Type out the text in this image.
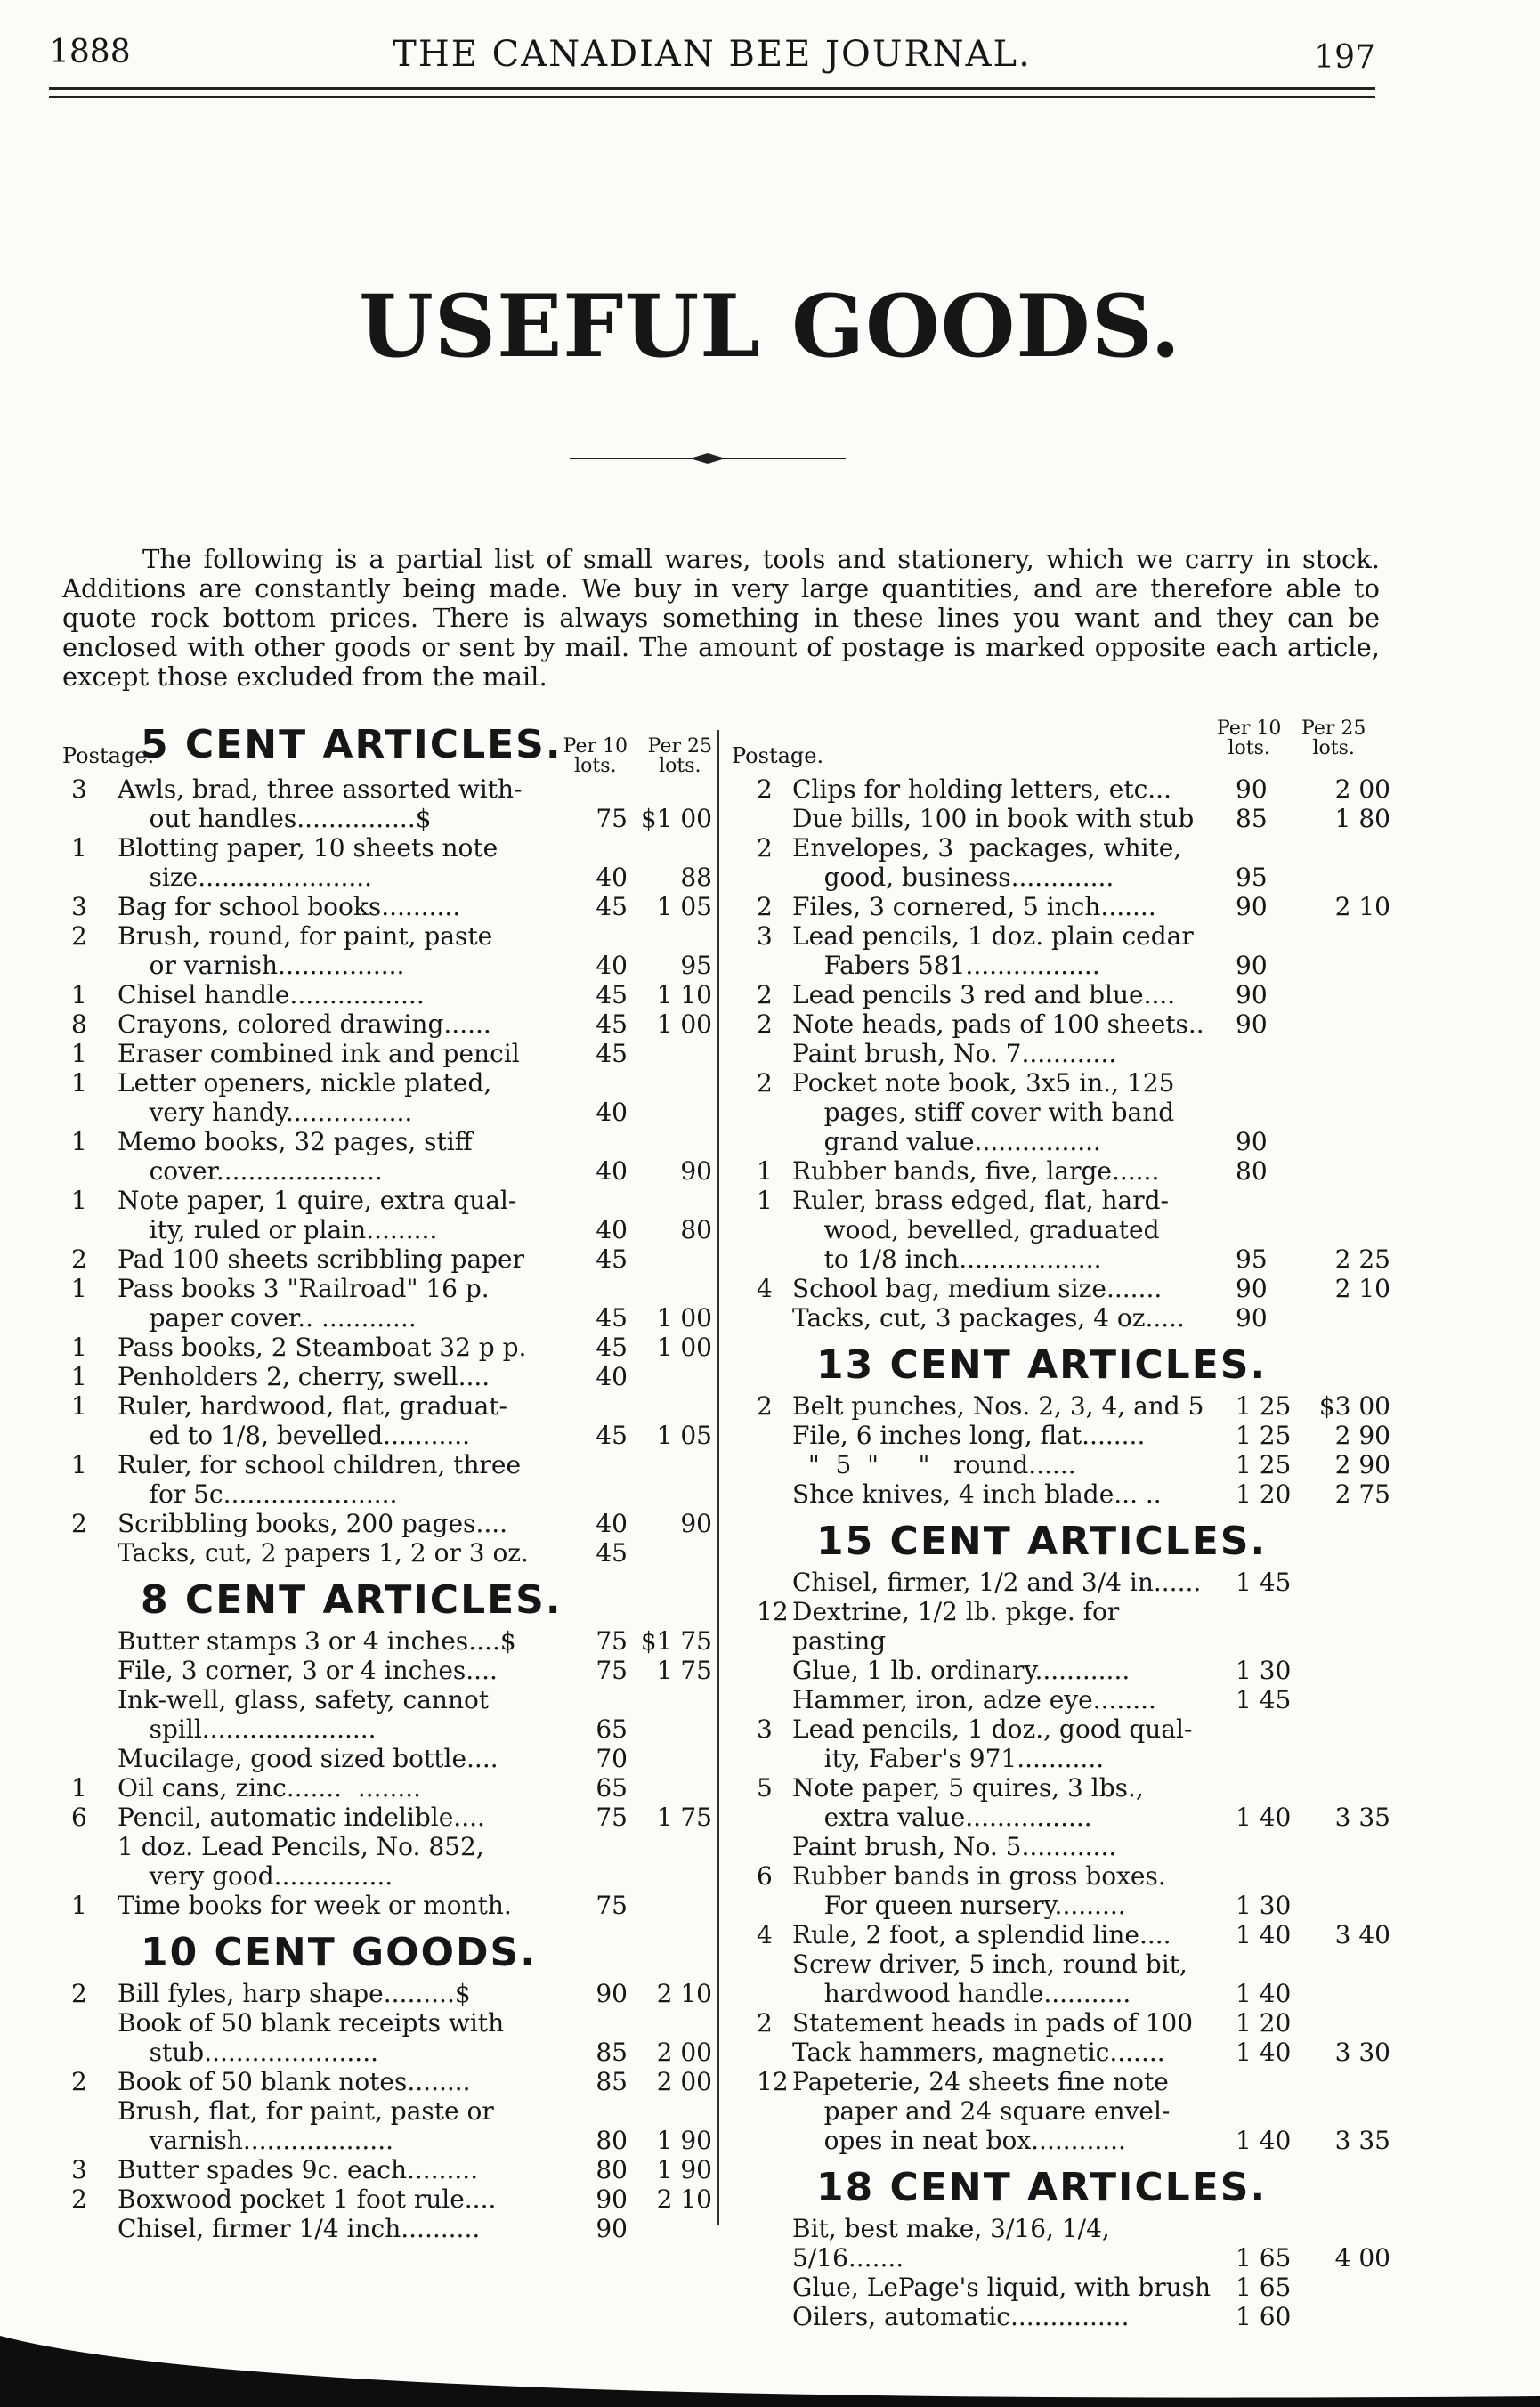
1888	THE CANADIAN BEE JOURNAL.	197
USEFUL GOODS.

The following is a partial list of small wares, tools and stationery, which we carry in stock. Additions are constantly being made. We buy in very large quantities, and are therefore able to quote rock bottom prices. There is always something in these lines you want and they can be enclosed with other goods or sent by mail. The amount of postage is marked opposite each article, except those excluded from the mail.

Postage.
5 CENT ARTICLES. Per 10
lots.
Per 25
lots.
3	Awls, brad, three assorted with-
out handles...............$	75 $1 00
1	Blotting paper, 10 sheets note
size......................	40	88
3	Bag for school books..........	45	1 05
2	Brush, round, for paint, paste
or varnish................	40	95
1	Chisel handle.................	45	1 10
8	Crayons, colored drawing......	45	1 00
1	Eraser combined ink and pencil	45
1	Letter openers, nickle plated,
very handy................	40
1	Memo books, 32 pages, stiff
cover.....................	40	90
1	Note paper, 1 quire, extra qual-
ity, ruled or plain.........	40	80
2	Pad 100 sheets scribbling paper	45
1	Pass books 3 "Railroad" 16 p.
paper cover.. ............	45	1 00
1	Pass books, 2 Steamboat 32 p p.	45	1 00
1	Penholders 2, cherry, swell....	40
1	Ruler, hardwood, flat, graduat-
ed to 1/8, bevelled...........	45	1 05
1	Ruler, for school children, three
for 5c......................
2	Scribbling books, 200 pages....	40	90
Tacks, cut, 2 papers 1, 2 or 3 oz.	45
8 CENT ARTICLES.
Butter stamps 3 or 4 inches....$	75 $1 75
File, 3 corner, 3 or 4 inches....	75	1 75
Ink-well, glass, safety, cannot
spill......................	65
Mucilage, good sized bottle....	70
1	Oil cans, zinc.......  ........	65
6	Pencil, automatic indelible....	75	1 75
1 doz. Lead Pencils, No. 852,
very good...............
1	Time books for week or month.	75
10 CENT GOODS.
2	Bill fyles, harp shape.........$	90	2 10
Book of 50 blank receipts with
stub......................	85	2 00
2	Book of 50 blank notes........	85	2 00
Brush, flat, for paint, paste or
varnish...................	80	1 90
3	Butter spades 9c. each.........	80	1 90
2	Boxwood pocket 1 foot rule....	90	2 10
Chisel, firmer 1/4 inch..........	90
Postage.
Per 10
lots.
Per 25
lots.
2 Clips for holding letters, etc...	90	2 00
Due bills, 100 in book with stub	85	1 80
2 Envelopes, 3  packages, white,
good, business.............	95
2 Files, 3 cornered, 5 inch.......	90	2 10
3 Lead pencils, 1 doz. plain cedar
Fabers 581.................	90
2 Lead pencils 3 red and blue....	90
2 Note heads, pads of 100 sheets..	90
Paint brush, No. 7............
2 Pocket note book, 3x5 in., 125
pages, stiff cover with band
grand value................	90
1 Rubber bands, five, large......	80
1 Ruler, brass edged, flat, hard-
wood, bevelled, graduated
to 1/8 inch..................	95	2 25
4 School bag, medium size.......	90	2 10
Tacks, cut, 3 packages, 4 oz.....	90
13 CENT ARTICLES.
2 Belt punches, Nos. 2, 3, 4, and 5	1 25	$3 00
File, 6 inches long, flat........	1 25	2 90
"  5  "     "   round......	1 25	2 90
Shce knives, 4 inch blade... ..	1 20	2 75
15 CENT ARTICLES.
Chisel, firmer, 1/2 and 3/4 in......	1 45
12 Dextrine, 1/2 lb. pkge. for pasting
Glue, 1 lb. ordinary............	1 30
Hammer, iron, adze eye........	1 45
3 Lead pencils, 1 doz., good qual-
ity, Faber's 971...........
5 Note paper, 5 quires, 3 lbs.,
extra value................	1 40	3 35
Paint brush, No. 5............
6 Rubber bands in gross boxes.
For queen nursery.........	1 30
4 Rule, 2 foot, a splendid line....	1 40	3 40
Screw driver, 5 inch, round bit,
hardwood handle...........	1 40
2 Statement heads in pads of 100	1 20
Tack hammers, magnetic.......	1 40	3 30
12 Papeterie, 24 sheets fine note
paper and 24 square envel-
opes in neat box............	1 40	3 35
18 CENT ARTICLES.
Bit, best make, 3/16, 1/4, 5/16.......	1 65	4 00
Glue, LePage's liquid, with brush 1 65
Oilers, automatic...............	1 60
